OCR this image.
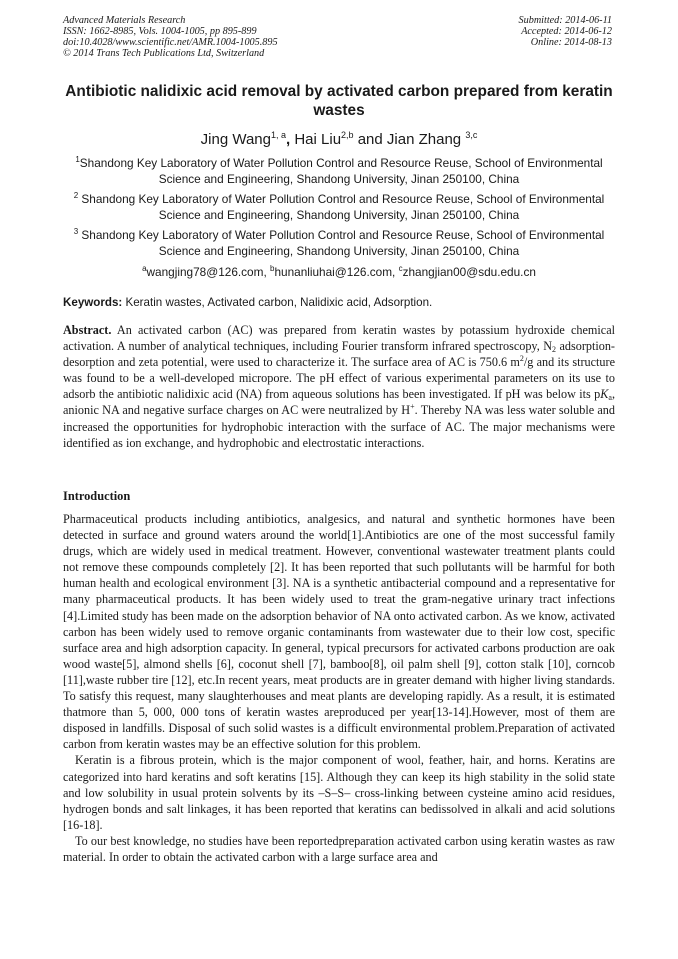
Advanced Materials Research
ISSN: 1662-8985, Vols. 1004-1005, pp 895-899
doi:10.4028/www.scientific.net/AMR.1004-1005.895
© 2014 Trans Tech Publications Ltd, Switzerland
Submitted: 2014-06-11
Accepted: 2014-06-12
Online: 2014-08-13
Antibiotic nalidixic acid removal by activated carbon prepared from keratin wastes
Jing Wang$^{1, a}$, Hai Liu$^{2,b}$ and Jian Zhang $^{3,c}$
$^1$Shandong Key Laboratory of Water Pollution Control and Resource Reuse, School of Environmental Science and Engineering, Shandong University, Jinan 250100, China
$^2$ Shandong Key Laboratory of Water Pollution Control and Resource Reuse, School of Environmental Science and Engineering, Shandong University, Jinan 250100, China
$^3$ Shandong Key Laboratory of Water Pollution Control and Resource Reuse, School of Environmental Science and Engineering, Shandong University, Jinan 250100, China
$^a$wangjing78@126.com, $^b$hunanliuhai@126.com, $^c$zhangjian00@sdu.edu.cn
Keywords: Keratin wastes, Activated carbon, Nalidixic acid, Adsorption.
Abstract. An activated carbon (AC) was prepared from keratin wastes by potassium hydroxide chemical activation. A number of analytical techniques, including Fourier transform infrared spectroscopy, $N_2$ adsorption-desorption and zeta potential, were used to characterize it. The surface area of AC is 750.6 $m^2/g$ and its structure was found to be a well-developed micropore. The pH effect of various experimental parameters on its use to adsorb the antibiotic nalidixic acid (NA) from aqueous solutions has been investigated. If pH was below its $pK_a$, anionic NA and negative surface charges on AC were neutralized by H+. Thereby NA was less water soluble and increased the opportunities for hydrophobic interaction with the surface of AC. The major mechanisms were identified as ion exchange, and hydrophobic and electrostatic interactions.
Introduction

Pharmaceutical products including antibiotics, analgesics, and natural and synthetic hormones have been detected in surface and ground waters around the world[1].Antibiotics are one of the most successful family drugs, which are widely used in medical treatment. However, conventional wastewater treatment plants could not remove these compounds completely [2]. It has been reported that such pollutants will be harmful for both human health and ecological environment [3]. NA is a synthetic antibacterial compound and a representative for many pharmaceutical products. It has been widely used to treat the gram-negative urinary tract infections [4].Limited study has been made on the adsorption behavior of NA onto activated carbon. As we know, activated carbon has been widely used to remove organic contaminants from wastewater due to their low cost, specific surface area and high adsorption capacity. In general, typical precursors for activated carbons production are oak wood waste[5], almond shells [6], coconut shell [7], bamboo[8], oil palm shell [9], cotton stalk [10], corncob [11],waste rubber tire [12], etc.In recent years, meat products are in greater demand with higher living standards. To satisfy this request, many slaughterhouses and meat plants are developing rapidly. As a result, it is estimated thatmore than 5, 000, 000 tons of keratin wastes areproduced per year[13-14].However, most of them are disposed in landfills. Disposal of such solid wastes is a difficult environmental problem.Preparation of activated carbon from keratin wastes may be an effective solution for this problem.

Keratin is a fibrous protein, which is the major component of wool, feather, hair, and horns. Keratins are categorized into hard keratins and soft keratins [15]. Although they can keep its high stability in the solid state and low solubility in usual protein solvents by its –S–S– cross-linking between cysteine amino acid residues, hydrogen bonds and salt linkages, it has been reported that keratins can bedissolved in alkali and acid solutions [16-18].

To our best knowledge, no studies have been reportedpreparation activated carbon using keratin wastes as raw material. In order to obtain the activated carbon with a large surface area and
